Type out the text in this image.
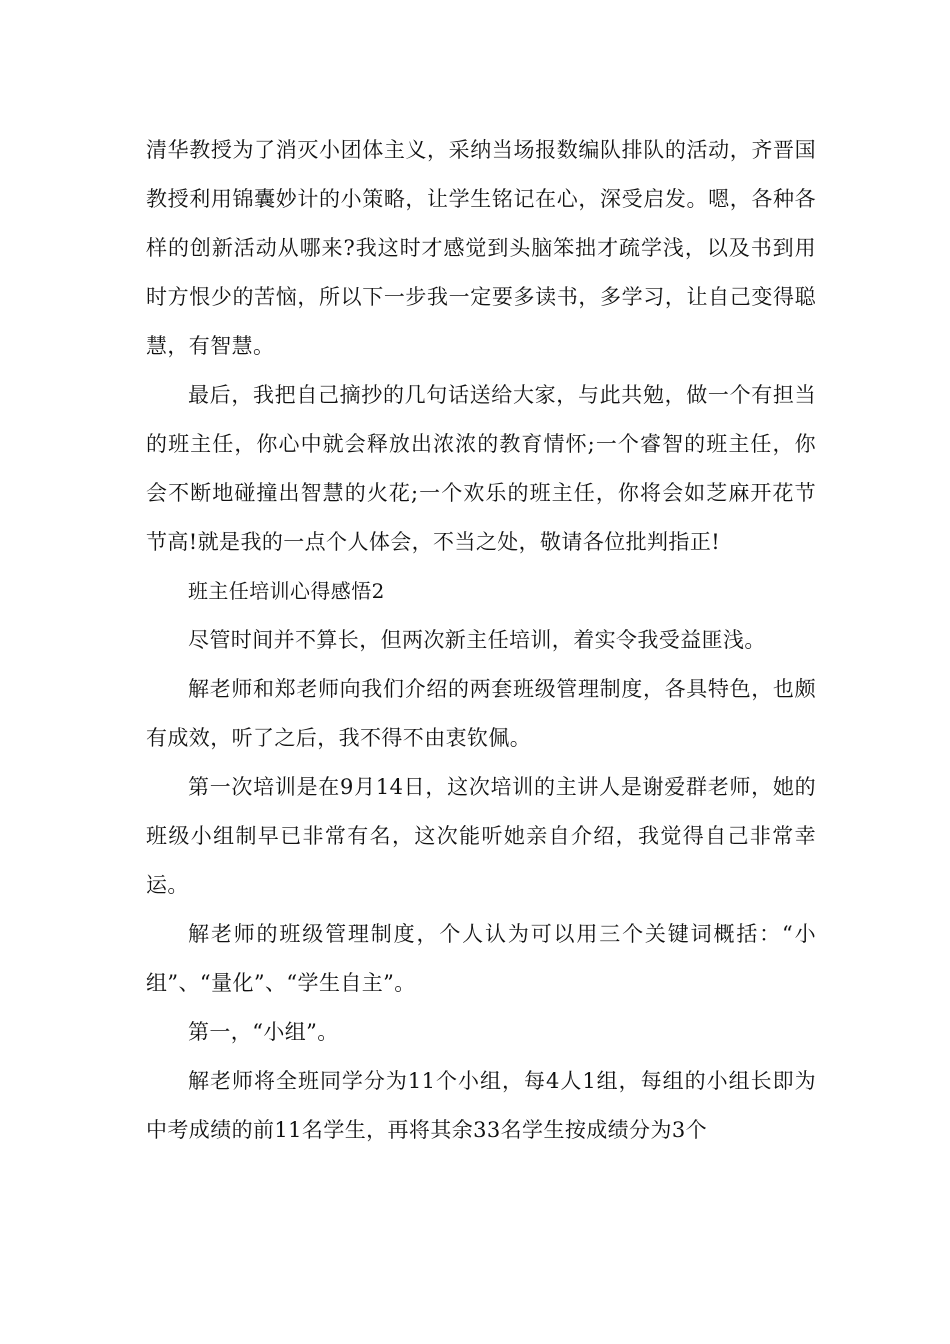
清华教授为了消灭小团体主义，采纳当场报数编队排队的活动，齐晋国教授利用锦囊妙计的小策略，让学生铭记在心，深受启发。嗯，各种各样的创新活动从哪来?我这时才感觉到头脑笨拙才疏学浅，以及书到用时方恨少的苦恼，所以下一步我一定要多读书，多学习，让自己变得聪慧，有智慧。

最后，我把自己摘抄的几句话送给大家，与此共勉，做一个有担当的班主任，你心中就会释放出浓浓的教育情怀;一个睿智的班主任，你会不断地碰撞出智慧的火花;一个欢乐的班主任，你将会如芝麻开花节节高!就是我的一点个人体会，不当之处，敬请各位批判指正!

班主任培训心得感悟2

尽管时间并不算长，但两次新主任培训，着实令我受益匪浅。

解老师和郑老师向我们介绍的两套班级管理制度，各具特色，也颇有成效，听了之后，我不得不由衷钦佩。

第一次培训是在9月14日，这次培训的主讲人是谢爱群老师，她的班级小组制早已非常有名，这次能听她亲自介绍，我觉得自己非常幸运。

解老师的班级管理制度，个人认为可以用三个关键词概括：“小组”、“量化”、“学生自主”。

第一，“小组”。

解老师将全班同学分为11个小组，每4人1组，每组的小组长即为中考成绩的前11名学生，再将其余33名学生按成绩分为3个
